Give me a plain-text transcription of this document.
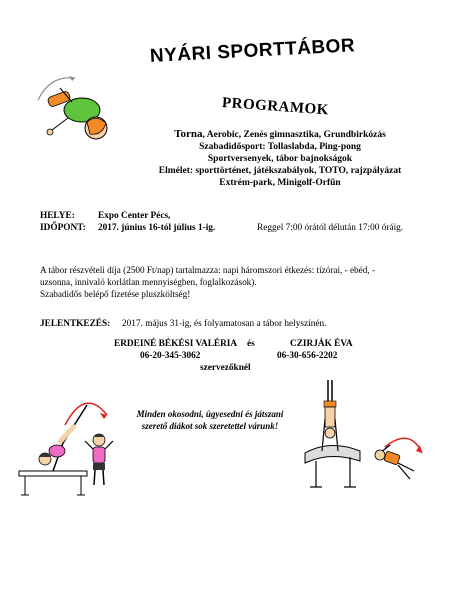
NYÁRI SPORTTÁBOR
PROGRAMOK
Torna, Aerobic, Zenés gimnasztika, Grundbirkózás
Szabadidősport: Tollaslabda, Ping-pong
Sportversenyek, tábor bajnokságok
Elmélet: sporttörténet, játékszabályok, TOTO, rajzpályázat
Extrém-park, Minigolf-Orfűn
HELYE: Expo Center Pécs,
IDŐPONT: 2017. június 16-tól július 1-ig.	Reggel 7:00 órától délután 17:00 óráig.
A tábor részvételi díja (2500 Ft/nap) tartalmazza: napi háromszori étkezés: tízórai, - ebéd, -
uzsonna, innivaló korlátlan mennyiségben, foglalkozások).
Szabadidős belépő fizetése pluszköltség!
JELENTKEZÉS: 2017. május 31-ig, és folyamatosan a tábor helyszínén.
ERDEINÉ BÉKÉSI VALÉRIA és	CZIRJÁK ÉVA
06-20-345-3062	06-30-656-2202
szervezőknél
Minden okosodni, ügyesedni és játszani
szerető diákot sok szeretettel várunk!
